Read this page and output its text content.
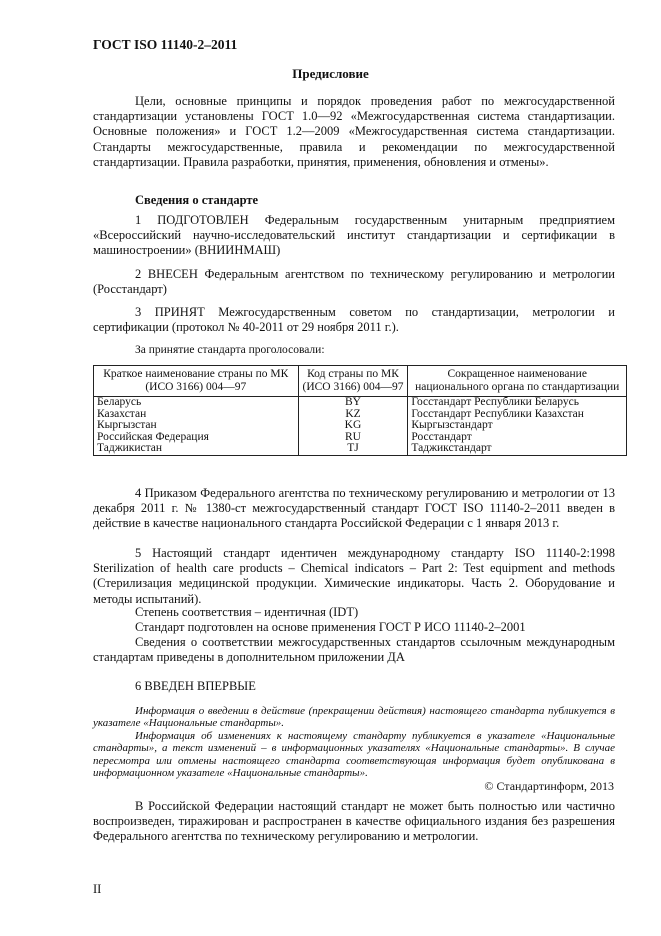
ГОСТ ISO 11140-2–2011
Предисловие

Цели, основные принципы и порядок проведения работ по межгосударственной стандартизации установлены ГОСТ 1.0—92 «Межгосударственная система стандартизации. Основные положения» и ГОСТ 1.2—2009 «Межгосударственная система стандартизации. Стандарты межгосударственные, правила и рекомендации по межгосударственной стандартизации. Правила разработки, принятия, применения, обновления и отмены».

Сведения о стандарте

1 ПОДГОТОВЛЕН Федеральным государственным унитарным предприятием «Всероссийский научно-исследовательский институт стандартизации и сертификации в машиностроении» (ВНИИНМАШ)

2 ВНЕСЕН Федеральным агентством по техническому регулированию и метрологии (Росстандарт)

3 ПРИНЯТ Межгосударственным советом по стандартизации, метрологии и сертификации (протокол № 40-2011 от 29 ноября 2011 г.).

За принятие стандарта проголосовали:
Краткое наименование страны по МК (ИСО 3166) 004—97	Код страны по МК (ИСО 3166) 004—97	Сокращенное наименование национального органа по стандартизации
Беларусь	BY	Госстандарт Республики Беларусь
Казахстан	KZ	Госстандарт Республики Казахстан
Кыргызстан	KG	Кыргызстандарт
Российская Федерация	RU	Росстандарт
Таджикистан	TJ	Таджикстандарт

4 Приказом Федерального агентства по техническому регулированию и метрологии от 13 декабря 2011 г. № 1380-ст межгосударственный стандарт ГОСТ ISO 11140-2–2011 введен в действие в качестве национального стандарта Российской Федерации с 1 января 2013 г.

5 Настоящий стандарт идентичен международному стандарту ISO 11140-2:1998 Sterilization of health care products – Chemical indicators – Part 2: Test equipment and methods (Стерилизация медицинской продукции. Химические индикаторы. Часть 2. Оборудование и методы испытаний).

Степень соответствия – идентичная (IDT)
Стандарт подготовлен на основе применения ГОСТ Р ИСО 11140-2–2001

Сведения о соответствии межгосударственных стандартов ссылочным международным стандартам приведены в дополнительном приложении ДА

6 ВВЕДЕН ВПЕРВЫЕ

Информация о введении в действие (прекращении действия) настоящего стандарта публикуется в указателе «Национальные стандарты».

Информация об изменениях к настоящему стандарту публикуется в указателе «Национальные стандарты», а текст изменений – в информационных указателях «Национальные стандарты». В случае пересмотра или отмены настоящего стандарта соответствующая информация будет опубликована в информационном указателе «Национальные стандарты».

© Стандартинформ, 2013

В Российской Федерации настоящий стандарт не может быть полностью или частично воспроизведен, тиражирован и распространен в качестве официального издания без разрешения Федерального агентства по техническому регулированию и метрологии.

II
